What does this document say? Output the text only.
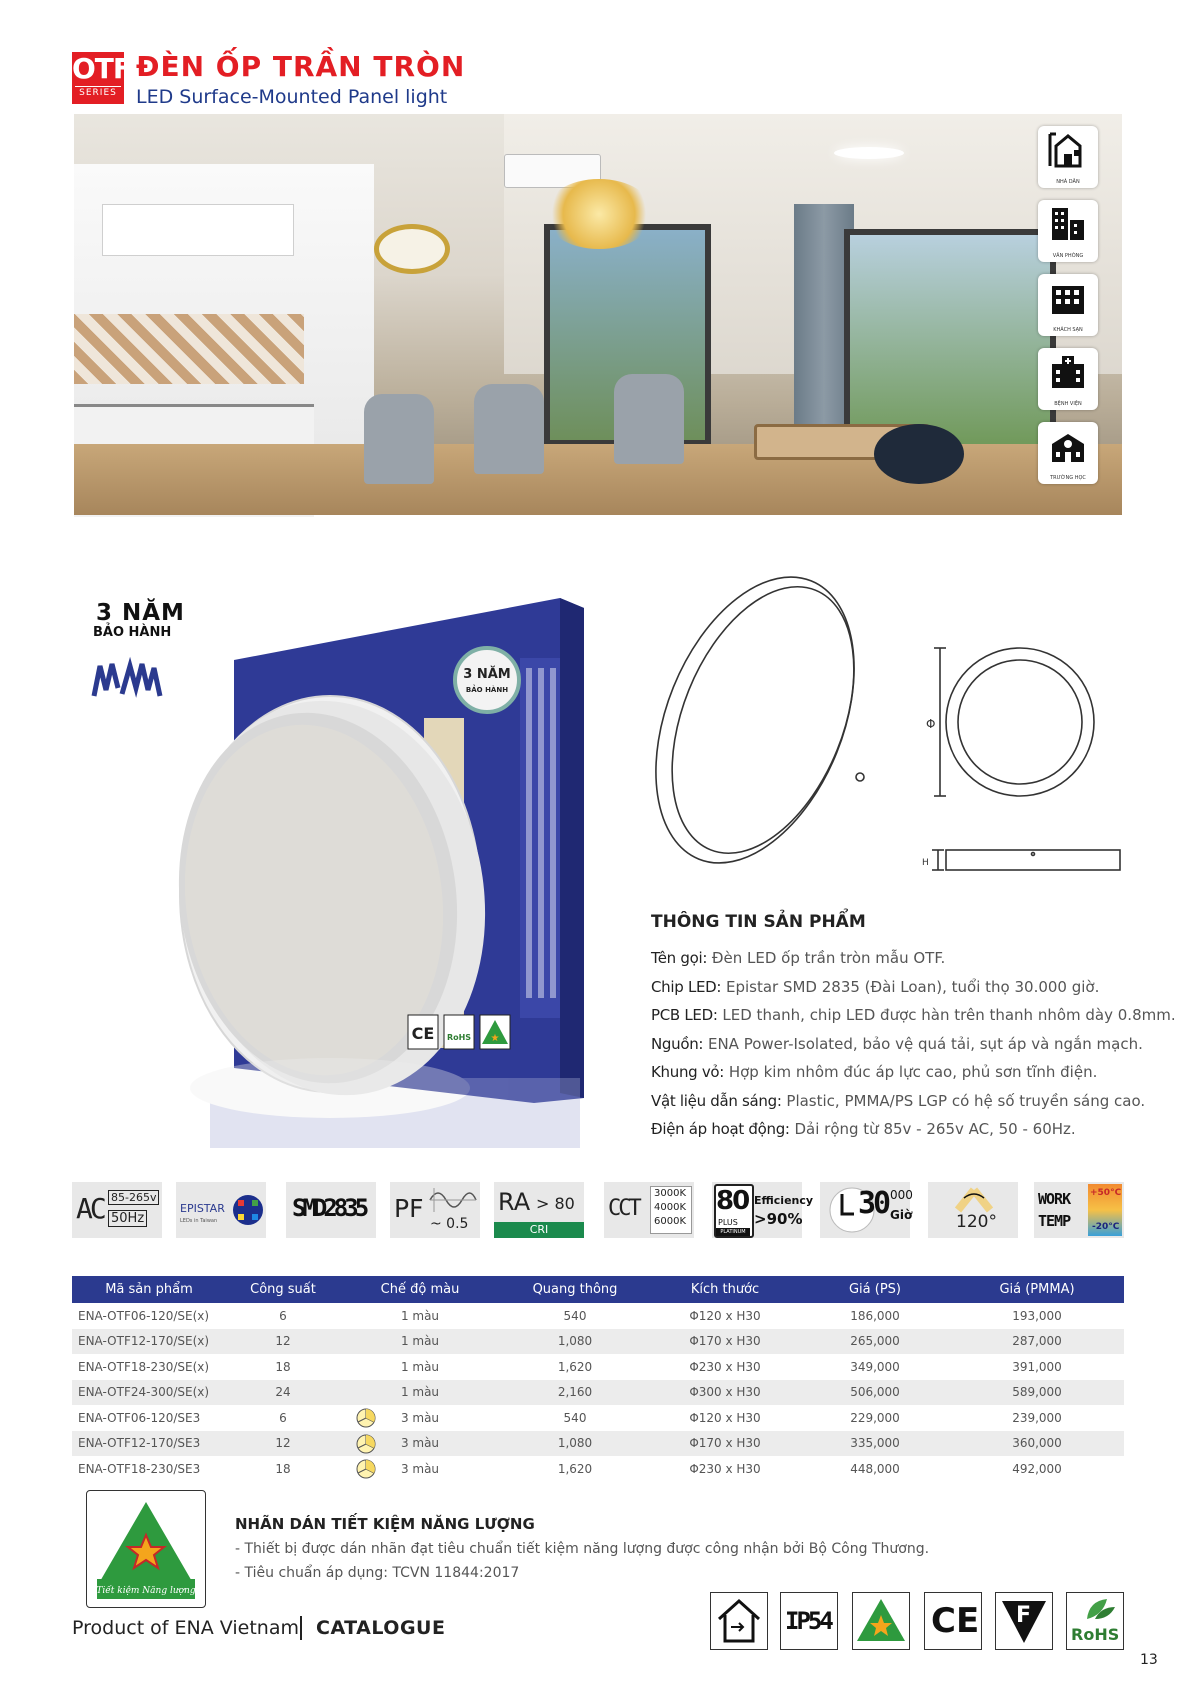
OTF
SERIES
ĐÈN ỐP TRẦN TRÒN
LED Surface-Mounted Panel light
NHÀ DÂN
VĂN PHÒNG
KHÁCH SẠN
BỆNH VIỆN
TRƯỜNG HỌC
3 NĂM
BẢO HÀNH
3 NĂM
BẢO HÀNH
CE RoHS ★
Φ
H
THÔNG TIN SẢN PHẨM
Tên gọi: Đèn LED ốp trần tròn mẫu OTF.
Chip LED: Epistar SMD 2835 (Đài Loan), tuổi thọ 30.000 giờ.
PCB LED: LED thanh, chip LED được hàn trên thanh nhôm dày 0.8mm.
Nguồn: ENA Power-Isolated, bảo vệ quá tải, sụt áp và ngắn mạch.
Khung vỏ: Hợp kim nhôm đúc áp lực cao, phủ sơn tĩnh điện.
Vật liệu dẫn sáng: Plastic, PMMA/PS LGP có hệ số truyền sáng cao.
Điện áp hoạt động: Dải rộng từ 85v - 265v AC, 50 - 60Hz.
AC 85-265v
50Hz
EPISTAR
LEDs in Taiwan	SMD2835 PF
~ 0.5
RA > 80
CRI
CCT
3000K
4000K
6000K
80
PLUS
PLATINUM
Efficiency
>90% 30 000
Giờ	120°
WORK
TEMP
+50°C
-20°C
Mã sản phẩm	Công suất	Chế độ màu	Quang thông	Kích thước	Giá (PS)	Giá (PMMA)
ENA-OTF06-120/SE(x)	6	1 màu	540	Φ120 x H30	186,000	193,000
ENA-OTF12-170/SE(x)	12	1 màu	1,080	Φ170 x H30	265,000	287,000
ENA-OTF18-230/SE(x)	18	1 màu	1,620	Φ230 x H30	349,000	391,000
ENA-OTF24-300/SE(x)	24	1 màu	2,160	Φ300 x H30	506,000	589,000
ENA-OTF06-120/SE3	6	3 màu	540	Φ120 x H30	229,000	239,000
ENA-OTF12-170/SE3	12	3 màu	1,080	Φ170 x H30	335,000	360,000
ENA-OTF18-230/SE3	18	3 màu	1,620	Φ230 x H30	448,000	492,000
Tiết kiệm Năng lượng
NHÃN DÁN TIẾT KIỆM NĂNG LƯỢNG
- Thiết bị được dán nhãn đạt tiêu chuẩn tiết kiệm năng lượng được công nhận bởi Bộ Công Thương.
- Tiêu chuẩn áp dụng: TCVN 11844:2017
Product of ENA Vietnam CATALOGUE	IP54	CE F
RoHS
13
